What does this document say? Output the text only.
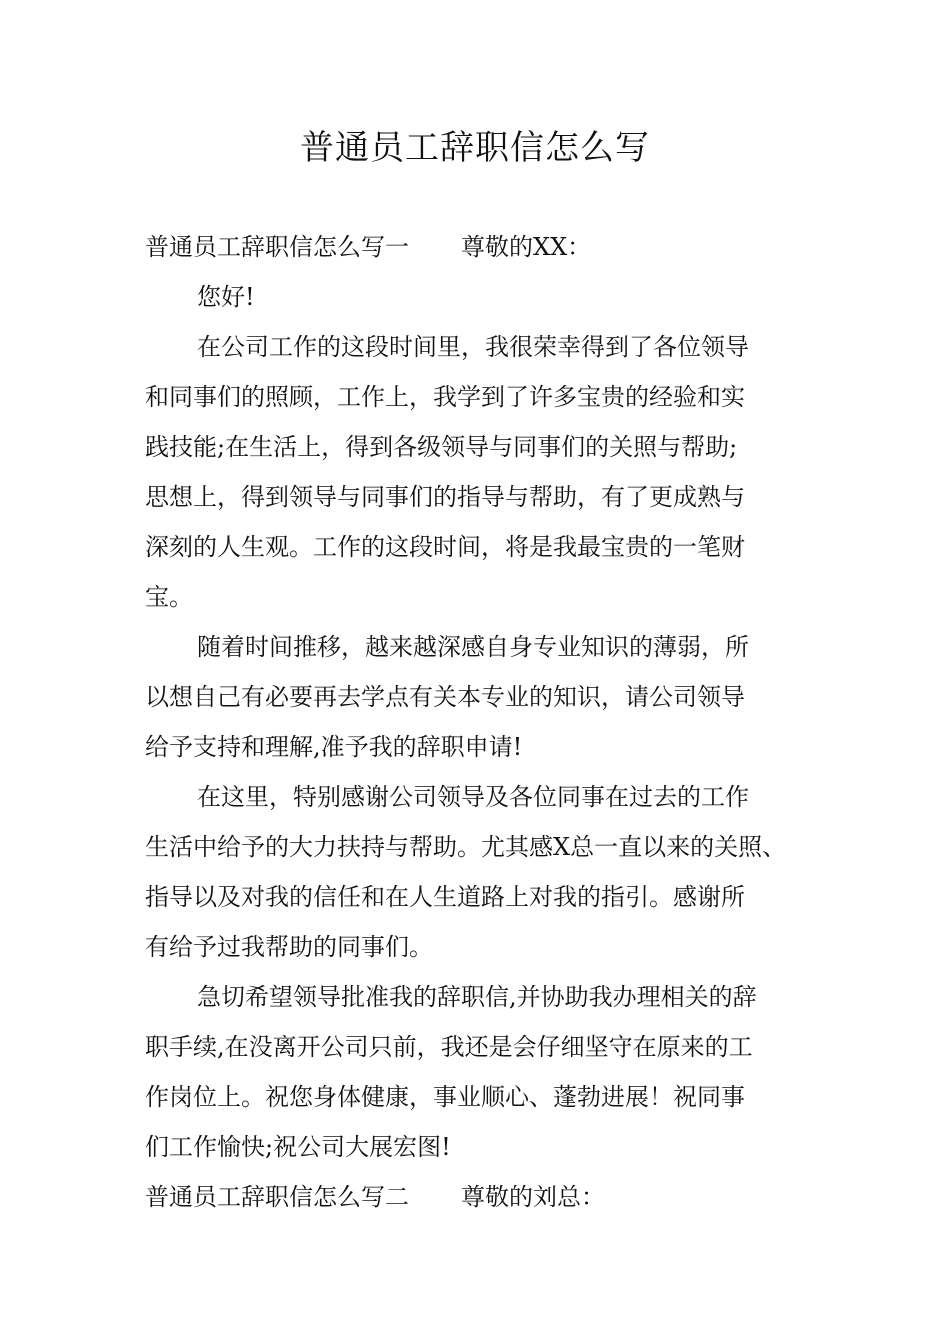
普通员工辞职信怎么写

普通员工辞职信怎么写一 尊敬的XX：

您好!

在公司工作的这段时间里，我很荣幸得到了各位领导

和同事们的照顾，工作上，我学到了许多宝贵的经验和实

践技能;在生活上，得到各级领导与同事们的关照与帮助;

思想上，得到领导与同事们的指导与帮助，有了更成熟与

深刻的人生观。工作的这段时间，将是我最宝贵的一笔财

宝。

随着时间推移，越来越深感自身专业知识的薄弱，所

以想自己有必要再去学点有关本专业的知识，请公司领导

给予支持和理解,准予我的辞职申请!

在这里，特别感谢公司领导及各位同事在过去的工作

生活中给予的大力扶持与帮助。尤其感X总一直以来的关照、

指导以及对我的信任和在人生道路上对我的指引。感谢所

有给予过我帮助的同事们。

急切希望领导批准我的辞职信,并协助我办理相关的辞

职手续,在没离开公司只前，我还是会仔细坚守在原来的工

作岗位上。祝您身体健康，事业顺心、蓬勃进展！祝同事

们工作愉快;祝公司大展宏图!

普通员工辞职信怎么写二 尊敬的刘总：
